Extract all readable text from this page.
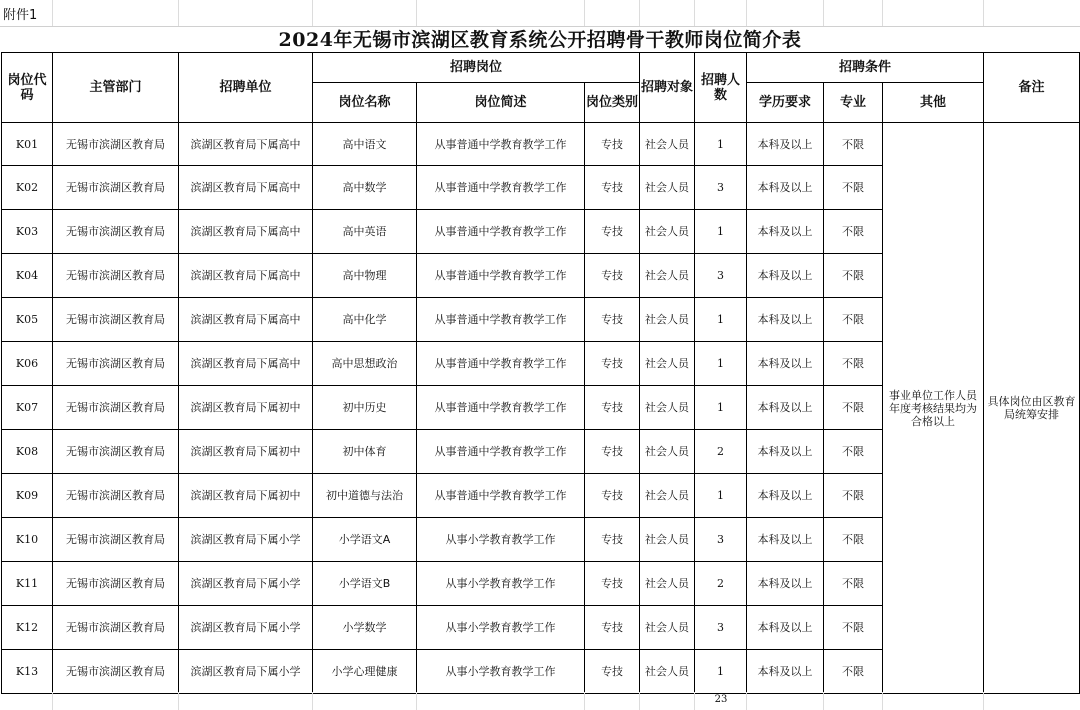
附件1
2024年无锡市滨湖区教育系统公开招聘骨干教师岗位简介表
岗位代码	主管部门	招聘单位	招聘岗位			招聘对象	招聘人数	招聘条件			备注
			岗位名称	岗位简述	岗位类别			学历要求	专业	其他	
K01	无锡市滨湖区教育局	滨湖区教育局下属高中	高中语文	从事普通中学教育教学工作	专技	社会人员	1	本科及以上	不限	事业单位工作人员年度考核结果均为合格以上	具体岗位由区教育局统筹安排
K02	无锡市滨湖区教育局	滨湖区教育局下属高中	高中数学	从事普通中学教育教学工作	专技	社会人员	3	本科及以上	不限		
K03	无锡市滨湖区教育局	滨湖区教育局下属高中	高中英语	从事普通中学教育教学工作	专技	社会人员	1	本科及以上	不限		
K04	无锡市滨湖区教育局	滨湖区教育局下属高中	高中物理	从事普通中学教育教学工作	专技	社会人员	3	本科及以上	不限		
K05	无锡市滨湖区教育局	滨湖区教育局下属高中	高中化学	从事普通中学教育教学工作	专技	社会人员	1	本科及以上	不限		
K06	无锡市滨湖区教育局	滨湖区教育局下属高中	高中思想政治	从事普通中学教育教学工作	专技	社会人员	1	本科及以上	不限		
K07	无锡市滨湖区教育局	滨湖区教育局下属初中	初中历史	从事普通中学教育教学工作	专技	社会人员	1	本科及以上	不限		
K08	无锡市滨湖区教育局	滨湖区教育局下属初中	初中体育	从事普通中学教育教学工作	专技	社会人员	2	本科及以上	不限		
K09	无锡市滨湖区教育局	滨湖区教育局下属初中	初中道德与法治	从事普通中学教育教学工作	专技	社会人员	1	本科及以上	不限		
K10	无锡市滨湖区教育局	滨湖区教育局下属小学	小学语文A	从事小学教育教学工作	专技	社会人员	3	本科及以上	不限		
K11	无锡市滨湖区教育局	滨湖区教育局下属小学	小学语文B	从事小学教育教学工作	专技	社会人员	2	本科及以上	不限		
K12	无锡市滨湖区教育局	滨湖区教育局下属小学	小学数学	从事小学教育教学工作	专技	社会人员	3	本科及以上	不限		
K13	无锡市滨湖区教育局	滨湖区教育局下属小学	小学心理健康	从事小学教育教学工作	专技	社会人员	1	本科及以上	不限		
23
